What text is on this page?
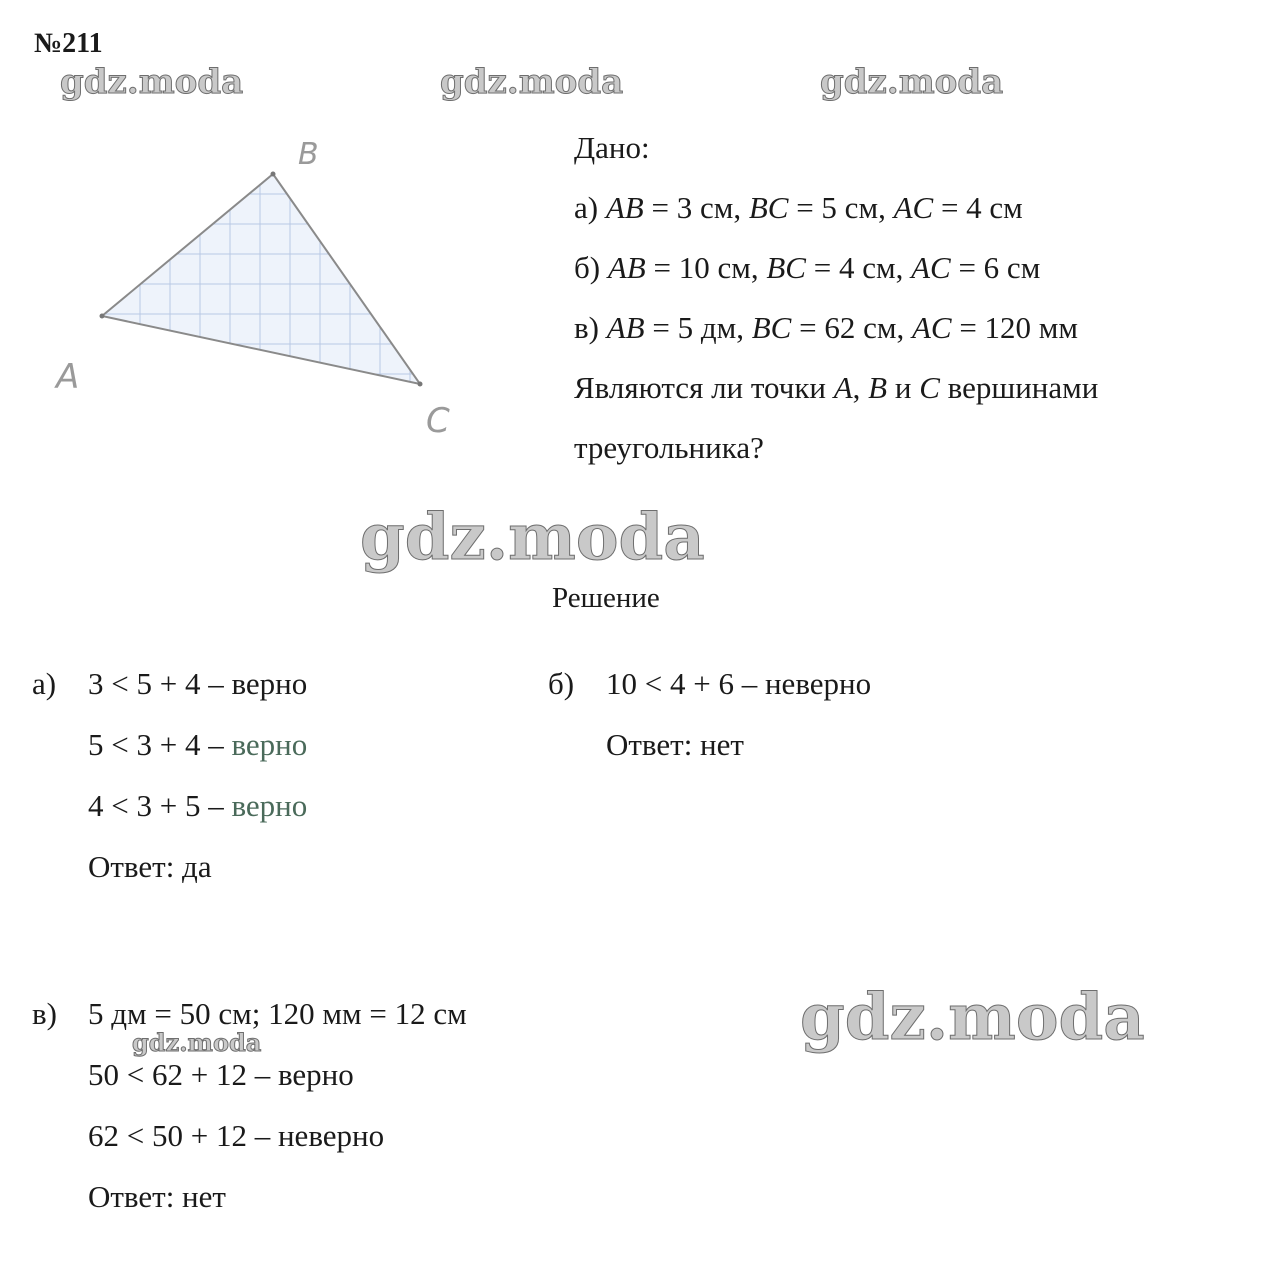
№211
gdz.moda	gdz.moda	gdz.moda
gdz.moda
gdz.moda
gdz.moda
A
B
C
Дано:
а) AB = 3 см, BC = 5 см, AC = 4 см
б) AB = 10 см, BC = 4 см, AC = 6 см
в) AB = 5 дм, BC = 62 см, AC = 120 мм
Являются ли точки A, B и C вершинами
треугольника?
Решение
а) 3 < 5 + 4 – верно
5 < 3 + 4 – верно
4 < 3 + 5 – верно
Ответ: да
б) 10 < 4 + 6 – неверно
Ответ: нет
в) 5 дм = 50 см; 120 мм = 12 см
50 < 62 + 12 – верно
62 < 50 + 12 – неверно
Ответ: нет
